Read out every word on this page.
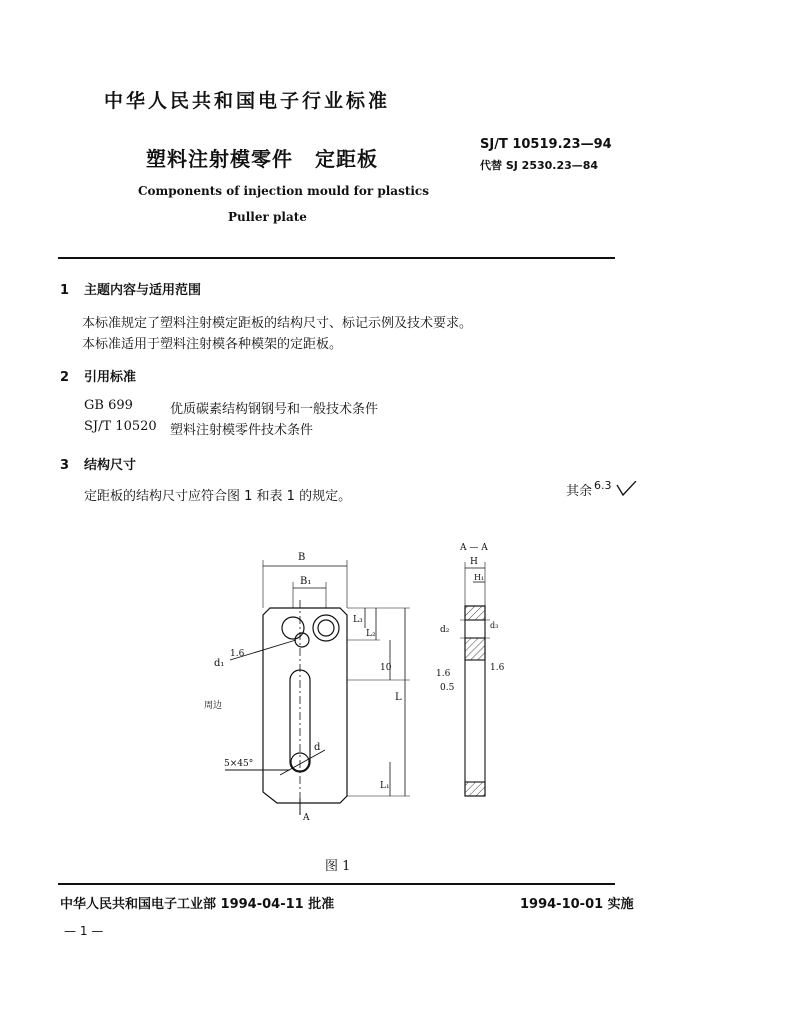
中华人民共和国电子行业标准
塑料注射模零件 定距板
SJ/T 10519.23—94
代替 SJ 2530.23—84
Components of injection mould for plastics
Puller plate
1 主题内容与适用范围
本标准规定了塑料注射模定距板的结构尺寸、标记示例及技术要求。
本标准适用于塑料注射模各种模架的定距板。
2 引用标准
GB 699	优质碳素结构钢钢号和一般技术条件
SJ/T 10520 塑料注射模零件技术条件
3 结构尺寸
定距板的结构尺寸应符合图 1 和表 1 的规定。	其余 $^{6.3}$
B
B₁
L₃
L₂
10
L
L₁
d₁
1.6
周边
d
5×45°
A
A — A
H
H₁
d₂	d₃
1.6
0.5
1.6
图 1
中华人民共和国电子工业部 1994-04-11 批准	1994-10-01 实施
— 1 —
